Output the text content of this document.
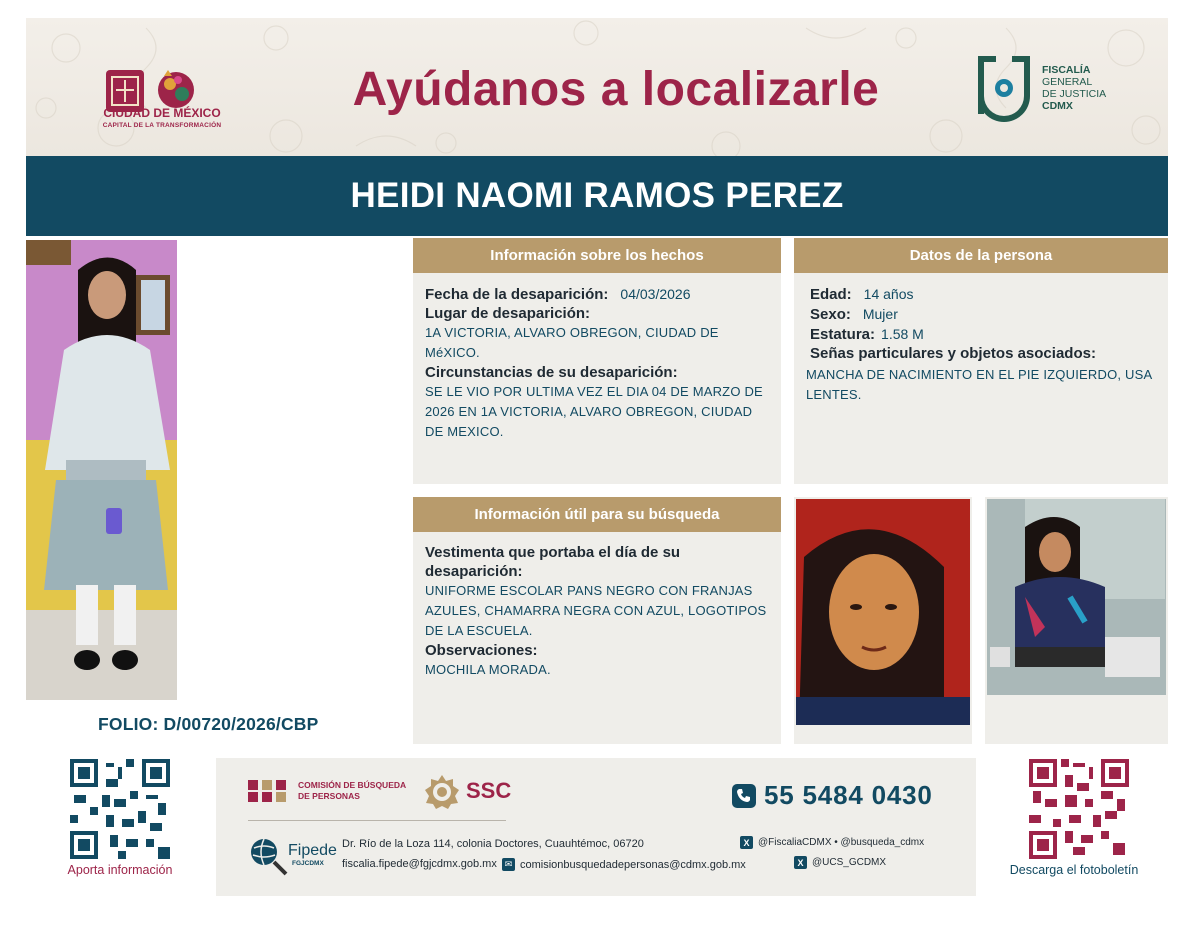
CIUDAD DE MÉXICO
CAPITAL DE LA TRANSFORMACIÓN
Ayúdanos a localizarle	FISCALÍA
GENERAL
DE JUSTICIA
CDMX
HEIDI NAOMI RAMOS PEREZ
FOLIO: D/00720/2026/CBP
Información sobre los hechos
Fecha de la desaparición: 04/03/2026
Lugar de desaparición:
1A VICTORIA, ALVARO OBREGON, CIUDAD DE MéXICO.
Circunstancias de su desaparición:
SE LE VIO POR ULTIMA VEZ EL DIA 04 DE MARZO DE 2026 EN 1A VICTORIA, ALVARO OBREGON, CIUDAD DE MEXICO.
Datos de la persona
Edad: 14 años
Sexo: Mujer
Estatura: 1.58 M
Señas particulares y objetos asociados:
MANCHA DE NACIMIENTO EN EL PIE IZQUIERDO, USA LENTES.
Información útil para su búsqueda
Vestimenta que portaba el día de su desaparición:
UNIFORME ESCOLAR PANS NEGRO CON FRANJAS AZULES, CHAMARRA NEGRA CON AZUL, LOGOTIPOS DE LA ESCUELA.
Observaciones:
MOCHILA MORADA.
Aporta información
COMISIÓN DE BÚSQUEDA
DE PERSONAS	SSC	55 5484 0430
Fipede
FGJCDMX
Dr. Río de la Loza 114, colonia Doctores, Cuauhtémoc, 06720
fiscalia.fipede@fgjcdmx.gob.mx ✉ comisionbusquedadepersonas@cdmx.gob.mx
X @FiscaliaCDMX • @busqueda_cdmx
X @UCS_GCDMX
Descarga el fotoboletín
